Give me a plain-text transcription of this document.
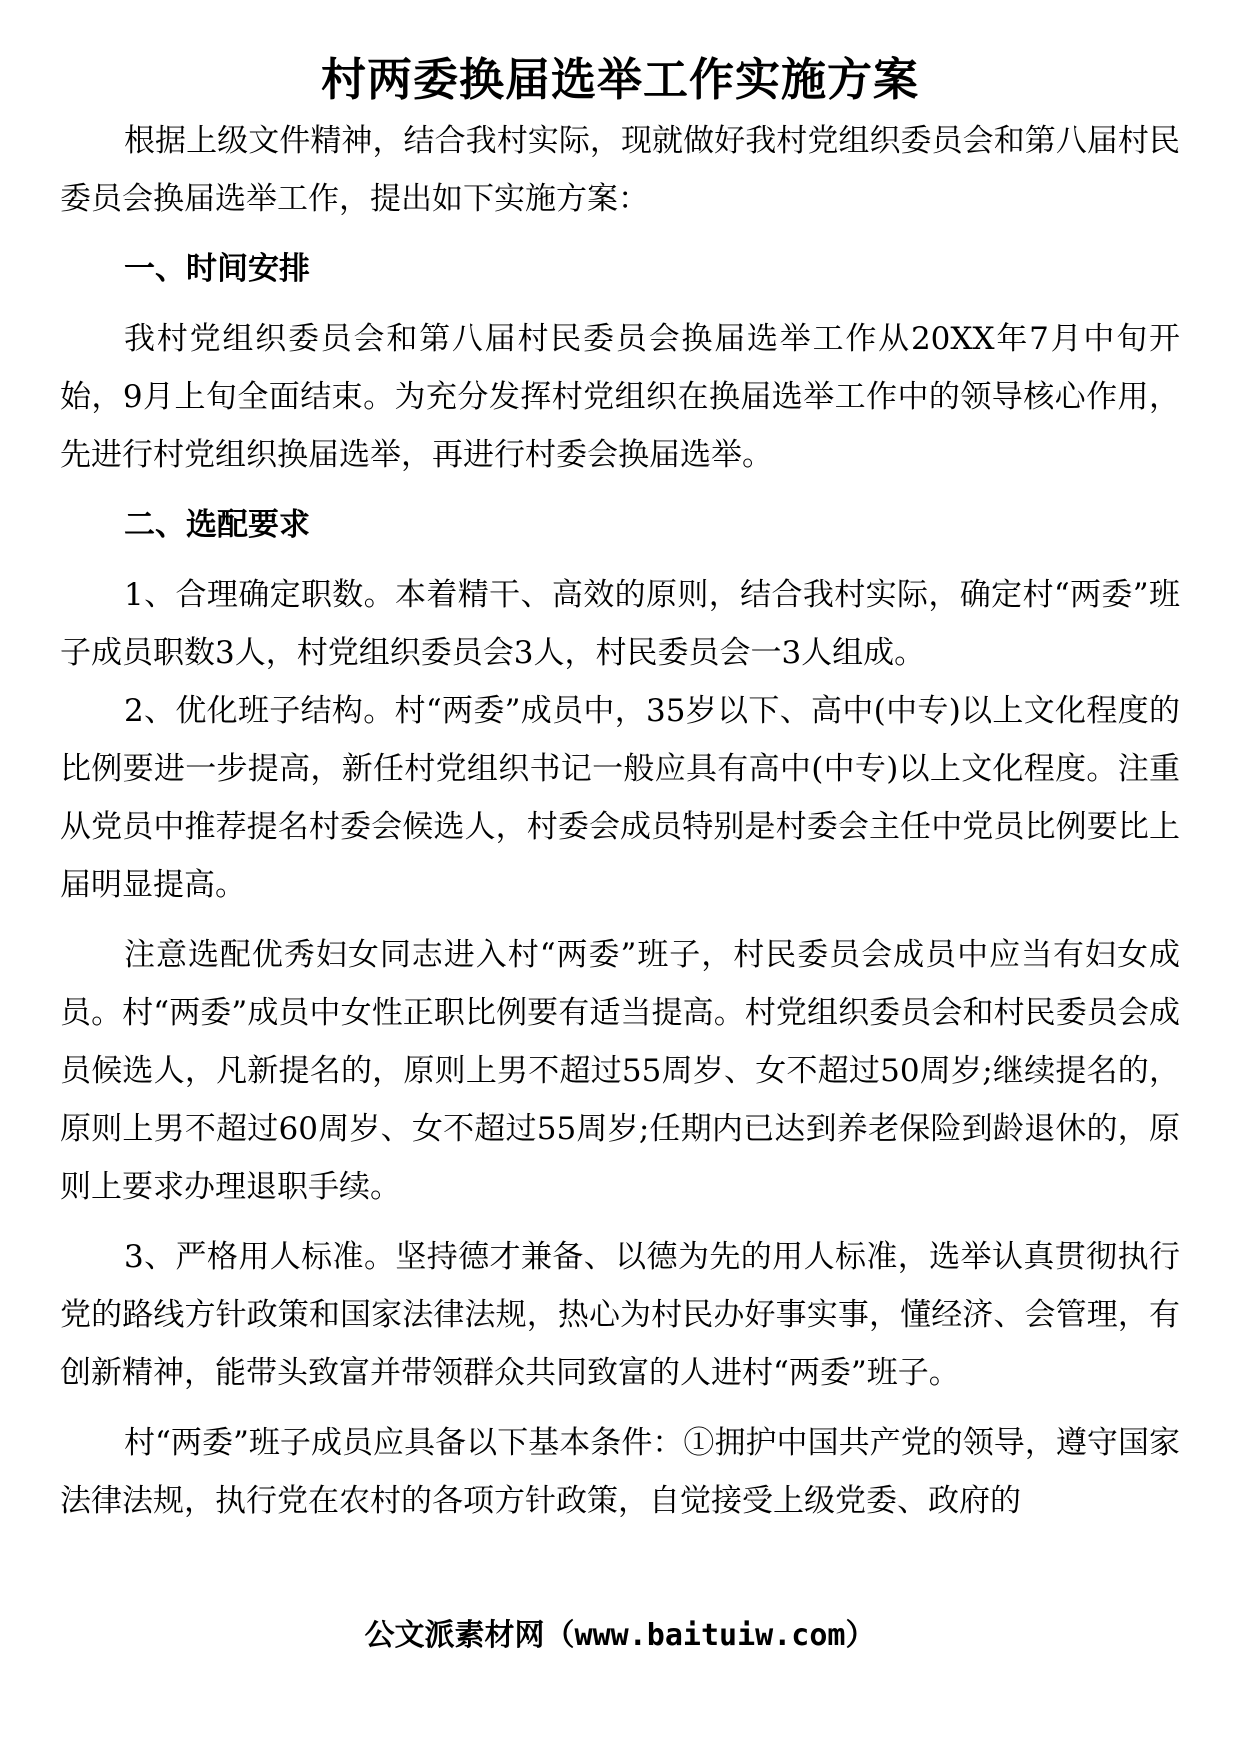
村两委换届选举工作实施方案

根据上级文件精神，结合我村实际，现就做好我村党组织委员会和第八届村民委员会换届选举工作，提出如下实施方案：

一、时间安排

我村党组织委员会和第八届村民委员会换届选举工作从20XX年7月中旬开始，9月上旬全面结束。为充分发挥村党组织在换届选举工作中的领导核心作用，先进行村党组织换届选举，再进行村委会换届选举。

二、选配要求

1、合理确定职数。本着精干、高效的原则，结合我村实际，确定村“两委”班子成员职数3人，村党组织委员会3人，村民委员会一3人组成。

2、优化班子结构。村“两委”成员中，35岁以下、高中(中专)以上文化程度的比例要进一步提高，新任村党组织书记一般应具有高中(中专)以上文化程度。注重从党员中推荐提名村委会候选人，村委会成员特别是村委会主任中党员比例要比上届明显提高。

注意选配优秀妇女同志进入村“两委”班子，村民委员会成员中应当有妇女成员。村“两委”成员中女性正职比例要有适当提高。村党组织委员会和村民委员会成员候选人，凡新提名的，原则上男不超过55周岁、女不超过50周岁;继续提名的，原则上男不超过60周岁、女不超过55周岁;任期内已达到养老保险到龄退休的，原则上要求办理退职手续。

3、严格用人标准。坚持德才兼备、以德为先的用人标准，选举认真贯彻执行党的路线方针政策和国家法律法规，热心为村民办好事实事，懂经济、会管理，有创新精神，能带头致富并带领群众共同致富的人进村“两委”班子。

村“两委”班子成员应具备以下基本条件：①拥护中国共产党的领导，遵守国家法律法规，执行党在农村的各项方针政策，自觉接受上级党委、政府的

公文派素材网（www.baituiw.com）
